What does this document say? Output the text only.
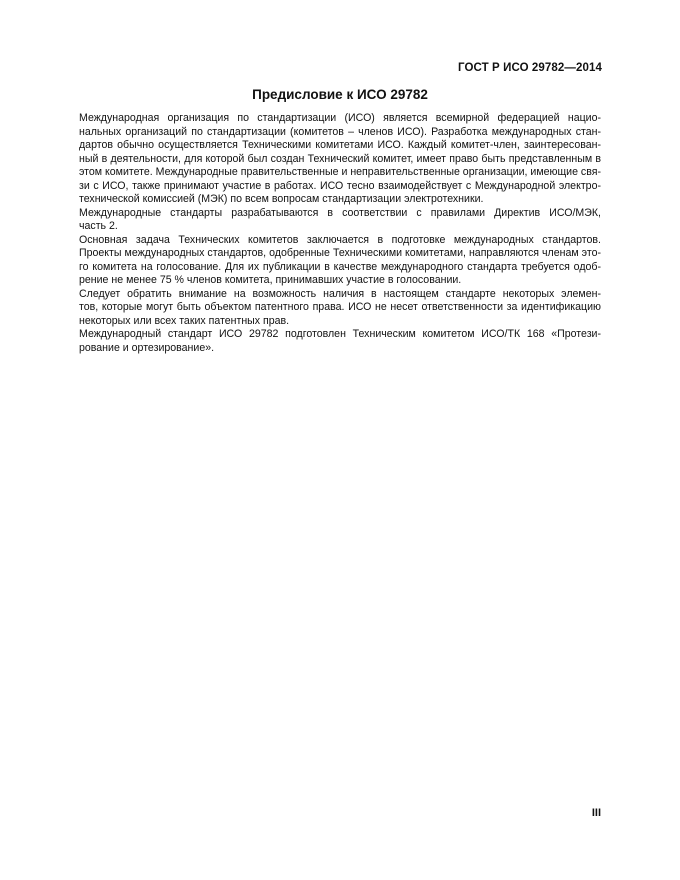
ГОСТ Р ИСО 29782—2014
Предисловие к ИСО 29782

Международная организация по стандартизации (ИСО) является всемирной федерацией нацио-
нальных организаций по стандартизации (комитетов – членов ИСО). Разработка международных стан-
дартов обычно осуществляется Техническими комитетами ИСО. Каждый комитет-член, заинтересован-
ный в деятельности, для которой был создан Технический комитет, имеет право быть представленным в
этом комитете. Международные правительственные и неправительственные организации, имеющие свя-
зи с ИСО, также принимают участие в работах. ИСО тесно взаимодействует с Международной электро-
технической комиссией (МЭК) по всем вопросам стандартизации электротехники.

Международные стандарты разрабатываются в соответствии с правилами Директив ИСО/МЭК,
часть 2.

Основная задача Технических комитетов заключается в подготовке международных стандартов.
Проекты международных стандартов, одобренные Техническими комитетами, направляются членам это-
го комитета на голосование. Для их публикации в качестве международного стандарта требуется одоб-
рение не менее 75 % членов комитета, принимавших участие в голосовании.

Следует обратить внимание на возможность наличия в настоящем стандарте некоторых элемен-
тов, которые могут быть объектом патентного права. ИСО не несет ответственности за идентификацию
некоторых или всех таких патентных прав.

Международный стандарт ИСО 29782 подготовлен Техническим комитетом ИСО/ТК 168 «Протези-
рование и ортезирование».

III
